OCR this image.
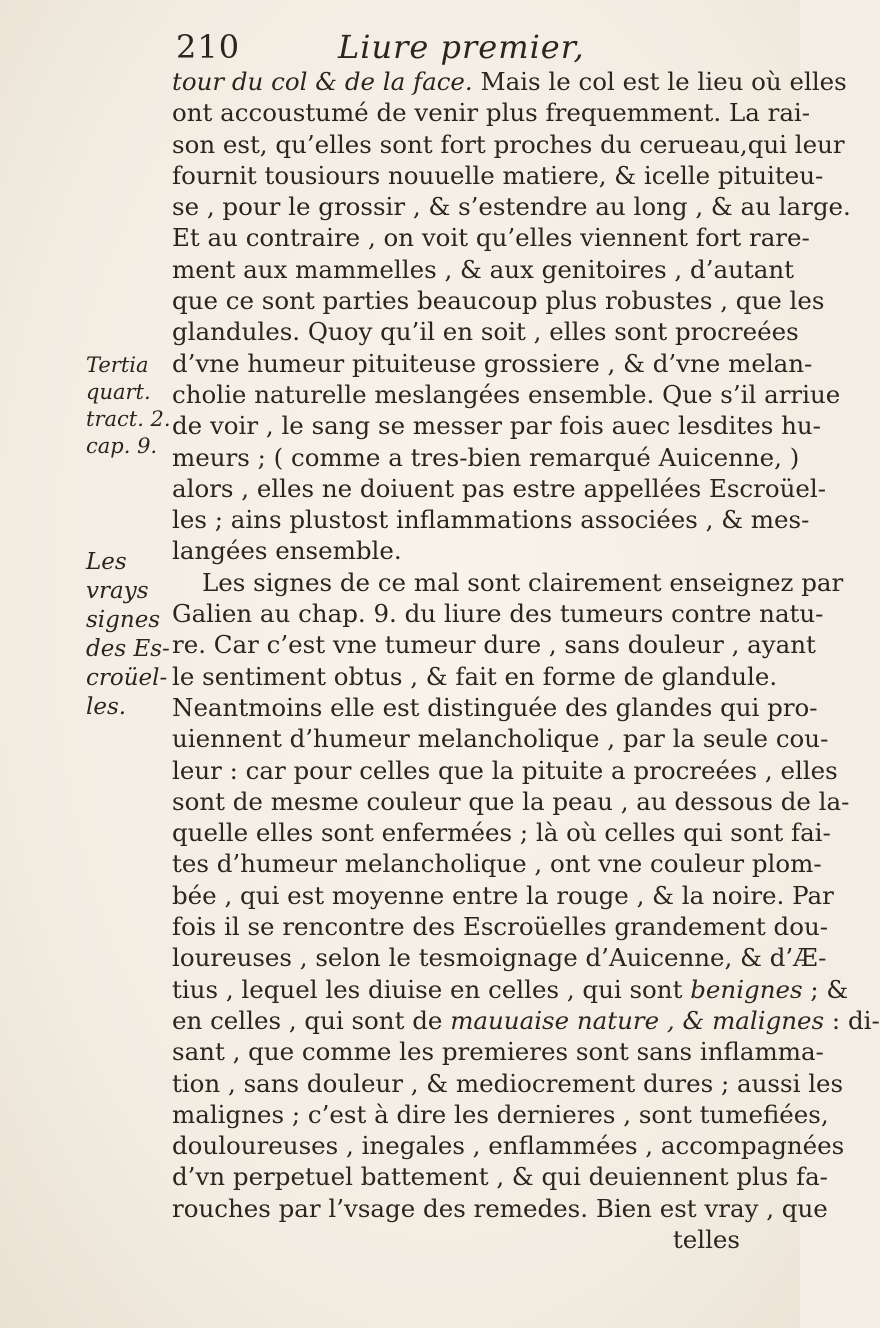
210	Liure premier,
tour du col & de la face. Mais le col est le lieu où elles
ont accoustumé de venir plus frequemment. La rai-
son est, qu’elles sont fort proches du cerueau,qui leur
fournit tousiours nouuelle matiere, & icelle pituiteu-
se , pour le grossir , & s’estendre au long , & au large.
Et au contraire , on voit qu’elles viennent fort rare-
ment aux mammelles , & aux genitoires , d’autant
que ce sont parties beaucoup plus robustes , que les
glandules. Quoy qu’il en soit , elles sont procreées
d’vne humeur pituiteuse grossiere , & d’vne melan-
cholie naturelle meslangées ensemble. Que s’il arriue
de voir , le sang se messer par fois auec lesdites hu-
meurs ; ( comme a tres-bien remarqué Auicenne, )
alors , elles ne doiuent pas estre appellées Escroüel-
les ; ains plustost inflammations associées , & mes-
langées ensemble.
Les signes de ce mal sont clairement enseignez par
Galien au chap. 9. du liure des tumeurs contre natu-
re. Car c’est vne tumeur dure , sans douleur , ayant
le sentiment obtus , & fait en forme de glandule.
Neantmoins elle est distinguée des glandes qui pro-
uiennent d’humeur melancholique , par la seule cou-
leur : car pour celles que la pituite a procreées , elles
sont de mesme couleur que la peau , au dessous de la-
quelle elles sont enfermées ; là où celles qui sont fai-
tes d’humeur melancholique , ont vne couleur plom-
bée , qui est moyenne entre la rouge , & la noire. Par
fois il se rencontre des Escroüelles grandement dou-
loureuses , selon le tesmoignage d’Auicenne, & d’Æ-
tius , lequel les diuise en celles , qui sont benignes ; &
en celles , qui sont de mauuaise nature , & malignes : di-
sant , que comme les premieres sont sans inflamma-
tion , sans douleur , & mediocrement dures ; aussi les
malignes ; c’est à dire les dernieres , sont tumefiées,
douloureuses , inegales , enflammées , accompagnées
d’vn perpetuel battement , & qui deuiennent plus fa-
rouches par l’vsage des remedes. Bien est vray , que
telles
Tertia
quart.
tract. 2.
cap. 9.
Les
vrays
signes
des Es-
croüel-
les.
